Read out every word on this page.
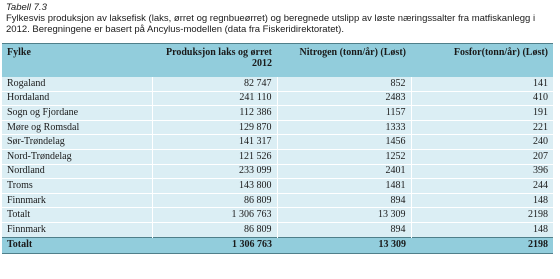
Tabell 7.3
Fylkesvis produksjon av laksefisk (laks, ørret og regnbueørret) og beregnede utslipp av løste næringssalter fra matfiskanlegg i 2012. Beregningene er basert på Ancylus-modellen (data fra Fiskeridirektoratet).
Fylke	Produksjon laks og ørret 2012	Nitrogen (tonn/år) (Løst)	Fosfor(tonn/år) (Løst)
Rogaland	82 747	852	141
Hordaland	241 110	2483	410
Sogn og Fjordane	112 386	1157	191
Møre og Romsdal	129 870	1333	221
Sør-Trøndelag	141 317	1456	240
Nord-Trøndelag	121 526	1252	207
Nordland	233 099	2401	396
Troms	143 800	1481	244
Finnmark	86 809	894	148
Totalt	1 306 763	13 309	2198
Finnmark	86 809	894	148
Totalt	1 306 763	13 309	2198
